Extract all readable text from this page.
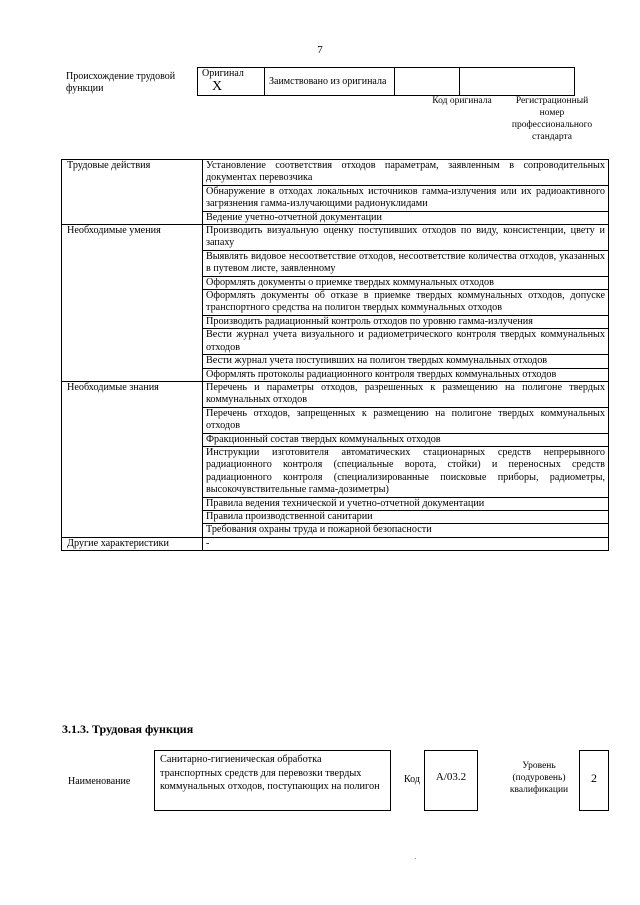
7
Происхождение трудовой функции
Оригинал X	Заимствовано из оригинала		
Код оригинала	Регистрационный номер профессионального стандарта
Трудовые действия	Установление соответствия отходов параметрам, заявленным в сопроводительных документах перевозчика
	Обнаружение в отходах локальных источников гамма-излучения или их радиоактивного загрязнения гамма-излучающими радионуклидами
	Ведение учетно-отчетной документации
Необходимые умения	Производить визуальную оценку поступивших отходов по виду, консистенции, цвету и запаху
	Выявлять видовое несоответствие отходов, несоответствие количества отходов, указанных в путевом листе, заявленному
	Оформлять документы о приемке твердых коммунальных отходов
	Оформлять документы об отказе в приемке твердых коммунальных отходов, допуске транспортного средства на полигон твердых коммунальных отходов
	Производить радиационный контроль отходов по уровню гамма-излучения
	Вести журнал учета визуального и радиометрического контроля твердых коммунальных отходов
	Вести журнал учета поступивших на полигон твердых коммунальных отходов
	Оформлять протоколы радиационного контроля твердых коммунальных отходов
Необходимые знания	Перечень и параметры отходов, разрешенных к размещению на полигоне твердых коммунальных отходов
	Перечень отходов, запрещенных к размещению на полигоне твердых коммунальных отходов
	Фракционный состав твердых коммунальных отходов
	Инструкции изготовителя автоматических стационарных средств непрерывного радиационного контроля (специальные ворота, стойки) и переносных средств радиационного контроля (специализированные поисковые приборы, радиометры, высокочувствительные гамма-дозиметры)
	Правила ведения технической и учетно-отчетной документации
	Правила производственной санитарии
	Требования охраны труда и пожарной безопасности
Другие характеристики	-
3.1.3. Трудовая функция
Наименование
Санитарно-гигиеническая обработка транспортных средств для перевозки твердых коммунальных отходов, поступающих на полигон
Код	А/03.2
Уровень (подуровень) квалификации
2
